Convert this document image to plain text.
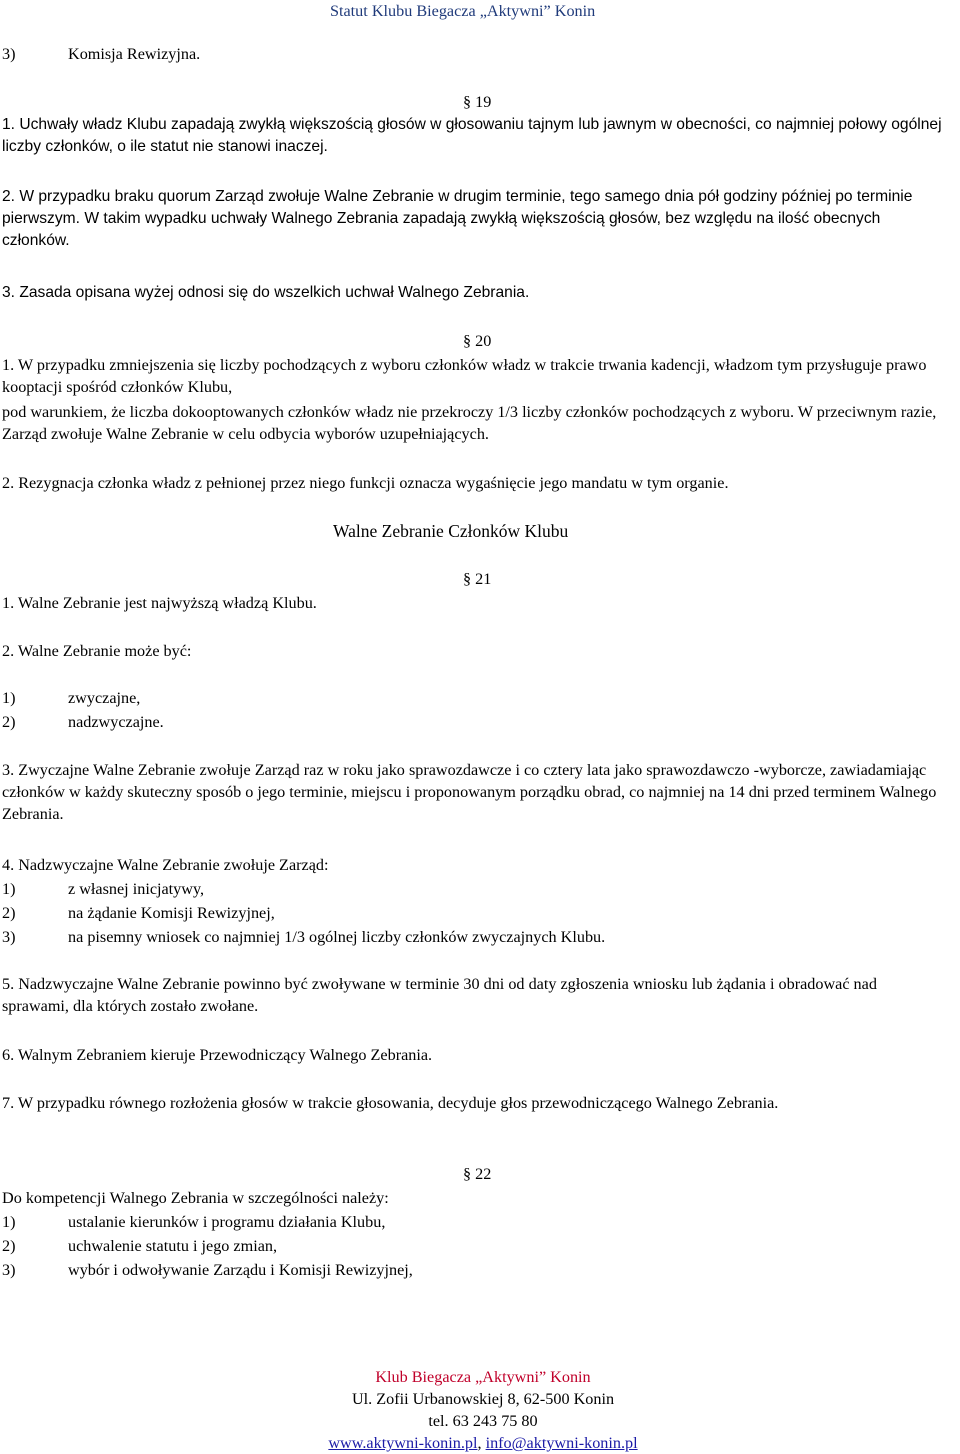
Statut Klubu Biegacza „Aktywni” Konin
3)	Komisja Rewizyjna.
§ 19
1. Uchwały władz Klubu zapadają zwykłą większością głosów w głosowaniu tajnym lub jawnym w obecności, co najmniej połowy ogólnej liczby członków, o ile statut nie stanowi inaczej.
2. W przypadku braku quorum Zarząd zwołuje Walne Zebranie w drugim terminie, tego samego dnia pół godziny później po terminie pierwszym. W takim wypadku uchwały Walnego Zebrania zapadają zwykłą większością głosów, bez względu na ilość obecnych członków.
3. Zasada opisana wyżej odnosi się do wszelkich uchwał Walnego Zebrania.
§ 20
1. W przypadku zmniejszenia się liczby pochodzących z wyboru członków władz w trakcie trwania kadencji, władzom tym przysługuje prawo kooptacji spośród członków Klubu,
pod warunkiem, że liczba dokooptowanych członków władz nie przekroczy 1/3 liczby członków pochodzących z wyboru. W przeciwnym razie, Zarząd zwołuje Walne Zebranie w celu odbycia wyborów uzupełniających.
2. Rezygnacja członka władz z pełnionej przez niego funkcji oznacza wygaśnięcie jego mandatu w tym organie.
Walne Zebranie Członków Klubu
§ 21
1. Walne Zebranie jest najwyższą władzą Klubu.
2. Walne Zebranie może być:
1)	zwyczajne,
2)	nadzwyczajne.
3. Zwyczajne Walne Zebranie zwołuje Zarząd raz w roku jako sprawozdawcze i co cztery lata jako sprawozdawczo -wyborcze, zawiadamiając członków w każdy skuteczny sposób o jego terminie, miejscu i proponowanym porządku obrad, co najmniej na 14 dni przed terminem Walnego Zebrania.
4. Nadzwyczajne Walne Zebranie zwołuje Zarząd:
1)	z własnej inicjatywy,
2)	na żądanie Komisji Rewizyjnej,
3)	na pisemny wniosek co najmniej 1/3 ogólnej liczby członków zwyczajnych Klubu.
5. Nadzwyczajne Walne Zebranie powinno być zwoływane w terminie 30 dni od daty zgłoszenia wniosku lub żądania i obradować nad sprawami, dla których zostało zwołane.
6. Walnym Zebraniem kieruje Przewodniczący Walnego Zebrania.
7. W przypadku równego rozłożenia głosów w trakcie głosowania, decyduje głos przewodniczącego Walnego Zebrania.
§ 22
Do kompetencji Walnego Zebrania w szczególności należy:
1)	ustalanie kierunków i programu działania Klubu,
2)	uchwalenie statutu i jego zmian,
3)	wybór i odwoływanie Zarządu i Komisji Rewizyjnej,
Klub Biegacza „Aktywni” Konin
Ul. Zofii Urbanowskiej 8, 62-500 Konin
tel. 63 243 75 80
www.aktywni-konin.pl, info@aktywni-konin.pl
